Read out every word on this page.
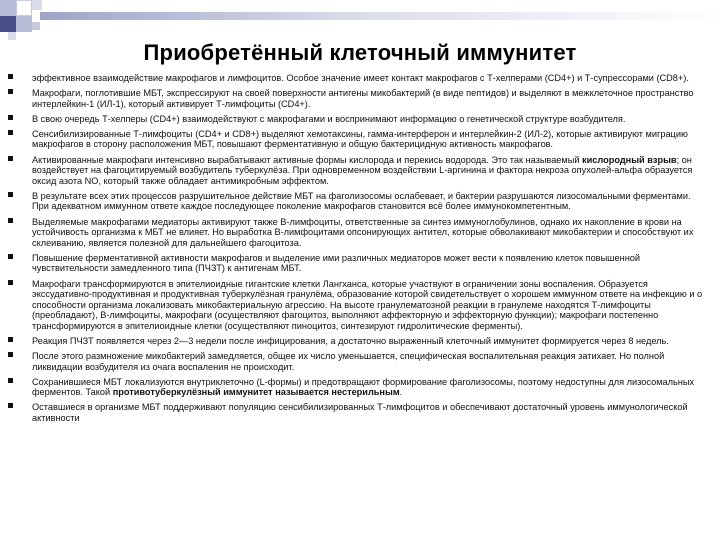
Приобретённый клеточный иммунитет
эффективное взаимодействие макрофагов и лимфоцитов. Особое значение имеет контакт макрофагов с Т-хелперами (CD4+) и Т-супрессорами (CD8+).
Макрофаги, поглотившие МБТ, экспрессируют на своей поверхности антигены микобактерий (в виде пептидов) и выделяют в межклеточное пространство интерлейкин-1 (ИЛ-1), который активирует Т-лимфоциты (CD4+).
В свою очередь Т-хелперы (CD4+) взаимодействуют с макрофагами и воспринимают информацию о генетической структуре возбудителя.
Сенсибилизированные Т-лимфоциты (CD4+ и CD8+) выделяют хемотаксины, гамма-интерферон и интерлейкин-2 (ИЛ-2), которые активируют миграцию макрофагов в сторону расположения МБТ, повышают ферментативную и общую бактерицидную активность макрофагов.
Активированные макрофаги интенсивно вырабатывают активные формы кислорода и перекись водорода. Это так называемый кислородный взрыв; он воздействует на фагоцитируемый возбудитель туберкулёза. При одновременном воздействии L-аргинина и фактора некроза опухолей-альфа образуется оксид азота NO, который также обладает антимикробным эффектом.
В результате всех этих процессов разрушительное действие МБТ на фаголизосомы ослабевает, и бактерии разрушаются лизосомальными ферментами. При адекватном иммунном ответе каждое последующее поколение макрофагов становится всё более иммунокомпетентным.
Выделяемые макрофагами медиаторы активируют также В-лимфоциты, ответственные за синтез иммуноглобулинов, однако их накопление в крови на устойчивость организма к МБТ не влияет. Но выработка В-лимфоцитами опсонирующих антител, которые обволакивают микобактерии и способствуют их склеиванию, является полезной для дальнейшего фагоцитоза.
Повышение ферментативной активности макрофагов и выделение ими различных медиаторов может вести к появлению клеток повышенной чувствительности замедленного типа (ПЧЗТ) к антигенам МБТ.
Макрофаги трансформируются в эпителиоидные гигантские клетки Лангханса, которые участвуют в ограничении зоны воспаления. Образуется экссудативно-продуктивная и продуктивная туберкулёзная гранулёма, образование которой свидетельствует о хорошем иммунном ответе на инфекцию и о способности организма локализовать микобактериальную агрессию. На высоте гранулематозной реакции в гранулеме находятся Т-лимфоциты (преобладают), В-лимфоциты, макрофаги (осуществляют фагоцитоз, выполняют аффекторную и эффекторную функции); макрофаги постепенно трансформируются в эпителиоидные клетки (осуществляют пиноцитоз, синтезируют гидролитические ферменты).
Реакция ПЧЗТ появляется через 2—3 недели после инфицирования, а достаточно выраженный клеточный иммунитет формируется через 8 недель.
После этого размножение микобактерий замедляется, общее их число уменьшается, специфическая воспалительная реакция затихает. Но полной ликвидации возбудителя из очага воспаления не происходит.
Сохранившиеся МБТ локализуются внутриклеточно (L-формы) и предотвращают формирование фаголизосомы, поэтому недоступны для лизосомальных ферментов. Такой противотуберкулёзный иммунитет называется нестерильным.
Оставшиеся в организме МБТ поддерживают популяцию сенсибилизированных Т-лимфоцитов и обеспечивают достаточный уровень иммунологической активности
